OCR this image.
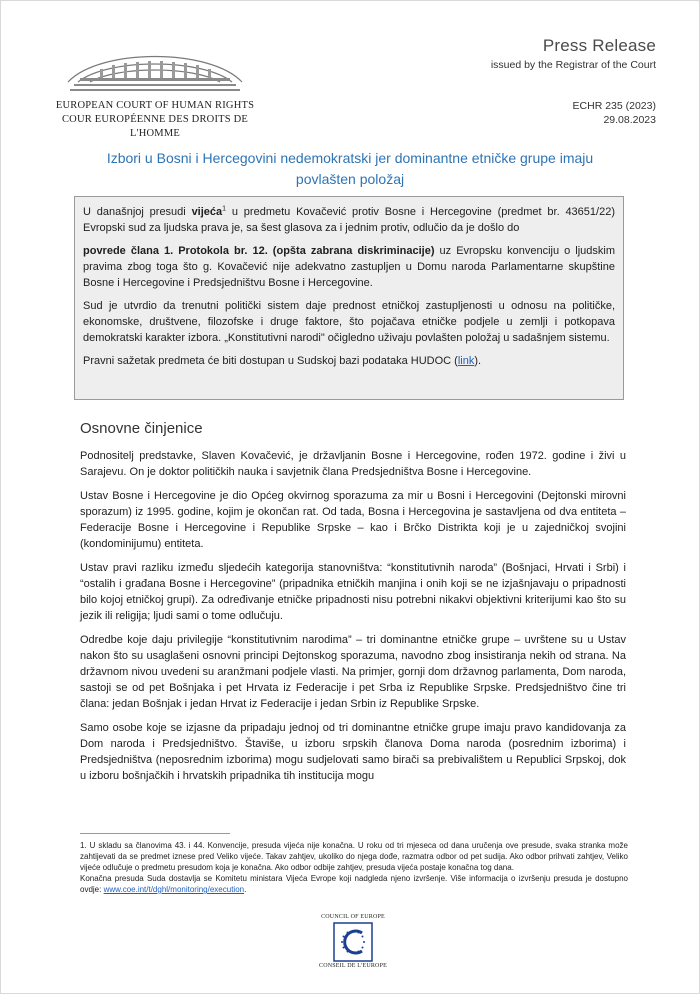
EUROPEAN COURT OF HUMAN RIGHTS
COUR EUROPÉENNE DES DROITS DE L'HOMME
Press Release
issued by the Registrar of the Court
ECHR 235 (2023)
29.08.2023
Izbori u Bosni i Hercegovini nedemokratski jer dominantne etničke grupe imaju
povlašten položaj

U današnjoj presudi vijeća$^1$ u predmetu Kovačević protiv Bosne i Hercegovine (predmet br. 43651/22) Evropski sud za ljudska prava je, sa šest glasova za i jednim protiv, odlučio da je došlo do

povrede člana 1. Protokola br. 12. (opšta zabrana diskriminacije) uz Evropsku konvenciju o ljudskim pravima zbog toga što g. Kovačević nije adekvatno zastupljen u Domu naroda Parlamentarne skupštine Bosne i Hercegovine i Predsjedništvu Bosne i Hercegovine.

Sud je utvrdio da trenutni politički sistem daje prednost etničkoj zastupljenosti u odnosu na političke, ekonomske, društvene, filozofske i druge faktore, što pojačava etničke podjele u zemlji i potkopava demokratski karakter izbora. „Konstitutivni narodi" očigledno uživaju povlašten položaj u sadašnjem sistemu.

Pravni sažetak predmeta će biti dostupan u Sudskoj bazi podataka HUDOC (link).

Osnovne činjenice

Podnositelj predstavke, Slaven Kovačević, je državljanin Bosne i Hercegovine, rođen 1972. godine i živi u Sarajevu. On je doktor političkih nauka i savjetnik člana Predsjedništva Bosne i Hercegovine.

Ustav Bosne i Hercegovine je dio Općeg okvirnog sporazuma za mir u Bosni i Hercegovini (Dejtonski mirovni sporazum) iz 1995. godine, kojim je okončan rat. Od tada, Bosna i Hercegovina je sastavljena od dva entiteta – Federacije Bosne i Hercegovine i Republike Srpske – kao i Brčko Distrikta koji je u zajedničkoj svojini (kondominijumu) entiteta.

Ustav pravi razliku između sljedećih kategorija stanovništva: “konstitutivnih naroda” (Bošnjaci, Hrvati i Srbi) i “ostalih i građana Bosne i Hercegovine” (pripadnika etničkih manjina i onih koji se ne izjašnjavaju o pripadnosti bilo kojoj etničkoj grupi). Za određivanje etničke pripadnosti nisu potrebni nikakvi objektivni kriterijumi kao što su jezik ili religija; ljudi sami o tome odlučuju.

Odredbe koje daju privilegije “konstitutivnim narodima” – tri dominantne etničke grupe – uvrštene su u Ustav nakon što su usaglašeni osnovni principi Dejtonskog sporazuma, navodno zbog insistiranja nekih od strana. Na državnom nivou uvedeni su aranžmani podjele vlasti. Na primjer, gornji dom državnog parlamenta, Dom naroda, sastoji se od pet Bošnjaka i pet Hrvata iz Federacije i pet Srba iz Republike Srpske. Predsjedništvo čine tri člana: jedan Bošnjak i jedan Hrvat iz Federacije i jedan Srbin iz Republike Srpske.

Samo osobe koje se izjasne da pripadaju jednoj od tri dominantne etničke grupe imaju pravo kandidovanja za Dom naroda i Predsjedništvo. Štaviše, u izboru srpskih članova Doma naroda (posrednim izborima) i Predsjedništva (neposrednim izborima) mogu sudjelovati samo birači sa prebivalištem u Republici Srpskoj, dok u izboru bošnjačkih i hrvatskih pripadnika tih institucija mogu

1. U skladu sa članovima 43. i 44. Konvencije, presuda vijeća nije konačna. U roku od tri mjeseca od dana uručenja ove presude, svaka stranka može zahtijevati da se predmet iznese pred Veliko vijeće. Takav zahtjev, ukoliko do njega dođe, razmatra odbor od pet sudija. Ako odbor prihvati zahtjev, Veliko vijeće odlučuje o predmetu presudom koja je konačna. Ako odbor odbije zahtjev, presuda vijeća postaje konačna tog dana.

Konačna presuda Suda dostavlja se Komitetu ministara Vijeća Evrope koji nadgleda njeno izvršenje. Više informacija o izvršenju presuda je dostupno ovdje: www.coe.int/t/dghl/monitoring/execution.

COUNCIL OF EUROPE
CONSEIL DE L'EUROPE
